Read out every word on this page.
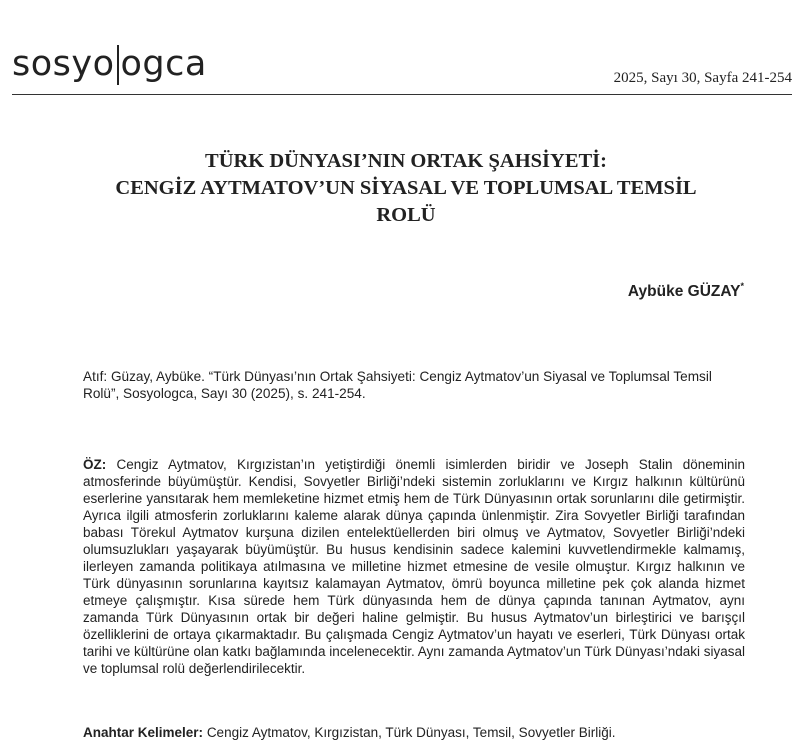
sosyo ogca	2025, Sayı 30, Sayfa 241-254
TÜRK DÜNYASI’NIN ORTAK ŞAHSİYETİ:
CENGİZ AYTMATOV’UN SİYASAL VE TOPLUMSAL TEMSİL
ROLÜ
Aybüke GÜZAY*
Atıf: Güzay, Aybüke. “Türk Dünyası’nın Ortak Şahsiyeti: Cengiz Aytmatov’un Siyasal ve Toplumsal Temsil Rolü”, Sosyologca, Sayı 30 (2025), s. 241-254.
ÖZ: Cengiz Aytmatov, Kırgızistan’ın yetiştirdiği önemli isimlerden biridir ve Joseph Stalin döneminin atmosferinde büyümüştür. Kendisi, Sovyetler Birliği’ndeki sistemin zorluklarını ve Kırgız halkının kültürünü eserlerine yansıtarak hem memleketine hizmet etmiş hem de Türk Dünyasının ortak sorunlarını dile getirmiştir. Ayrıca ilgili atmosferin zorluklarını kaleme alarak dünya çapında ünlenmiştir. Zira Sovyetler Birliği tarafından babası Törekul Aytmatov kurşuna dizilen entelektüellerden biri olmuş ve Aytmatov, Sovyetler Birliği’ndeki olumsuzlukları yaşayarak büyümüştür. Bu husus kendisinin sadece kalemini kuvvetlendirmekle kalmamış, ilerleyen zamanda politikaya atılmasına ve milletine hizmet etmesine de vesile olmuştur. Kırgız halkının ve Türk dünyasının sorunlarına kayıtsız kalamayan Aytmatov, ömrü boyunca milletine pek çok alanda hizmet etmeye çalışmıştır. Kısa sürede hem Türk dünyasında hem de dünya çapında tanınan Aytmatov, aynı zamanda Türk Dünyasının ortak bir değeri haline gelmiştir. Bu husus Aytmatov’un birleştirici ve barışçıl özelliklerini de ortaya çıkarmaktadır. Bu çalışmada Cengiz Aytmatov’un hayatı ve eserleri, Türk Dünyası ortak tarihi ve kültürüne olan katkı bağlamında incelenecektir. Aynı zamanda Aytmatov’un Türk Dünyası’ndaki siyasal ve toplumsal rolü değerlendirilecektir.
Anahtar Kelimeler: Cengiz Aytmatov, Kırgızistan, Türk Dünyası, Temsil, Sovyetler Birliği.
